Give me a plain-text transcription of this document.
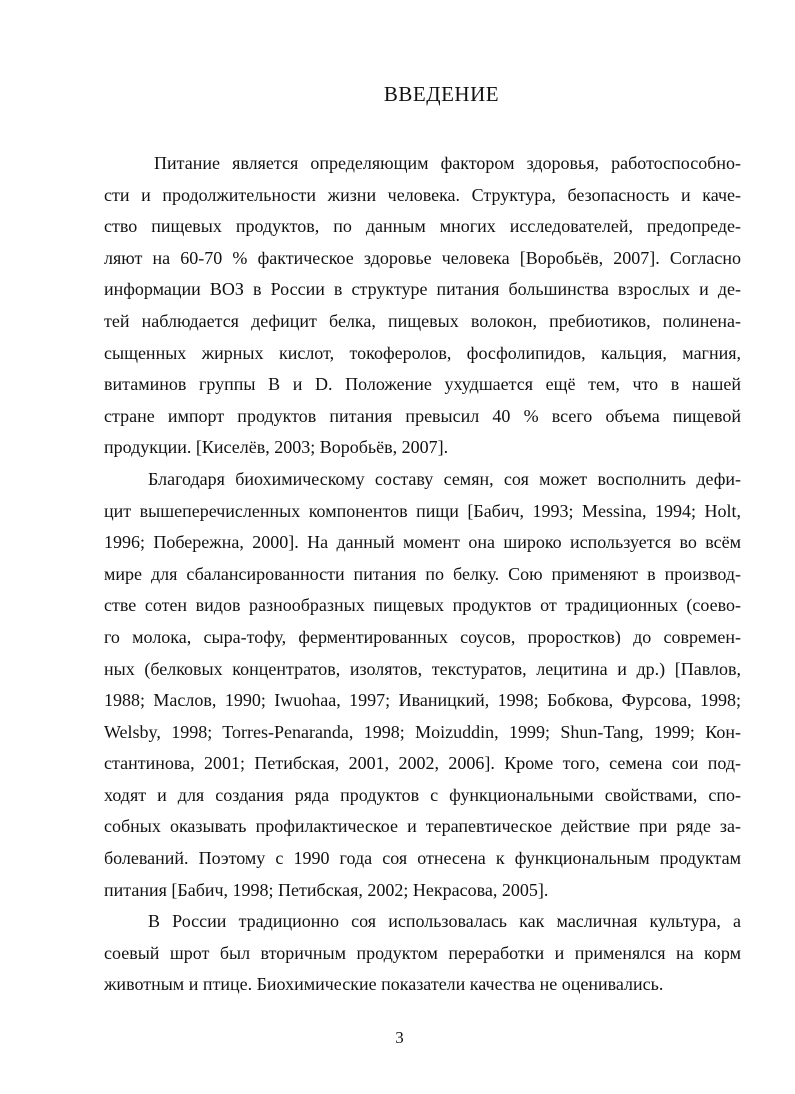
ВВЕДЕНИЕ
Питание является определяющим фактором здоровья, работоспособно-
сти и продолжительности жизни человека. Структура, безопасность и каче-
ство пищевых продуктов, по данным многих исследователей, предопреде-
ляют на 60-70 % фактическое здоровье человека [Воробьёв, 2007]. Согласно
информации ВОЗ в России в структуре питания большинства взрослых и де-
тей наблюдается дефицит белка, пищевых волокон, пребиотиков, полинена-
сыщенных жирных кислот, токоферолов, фосфолипидов, кальция, магния,
витаминов группы В и D. Положение ухудшается ещё тем, что в нашей
стране импорт продуктов питания превысил 40 % всего объема пищевой
продукции. [Киселёв, 2003; Воробьёв, 2007].
Благодаря биохимическому составу семян, соя может восполнить дефи-
цит вышеперечисленных компонентов пищи [Бабич, 1993; Messina, 1994; Holt,
1996; Побережна, 2000]. На данный момент она широко используется во всём
мире для сбалансированности питания по белку. Сою применяют в производ-
стве сотен видов разнообразных пищевых продуктов от традиционных (соево-
го молока, сыра-тофу, ферментированных соусов, проростков) до современ-
ных (белковых концентратов, изолятов, текстуратов, лецитина и др.) [Павлов,
1988; Маслов, 1990; Iwuohaa, 1997; Иваницкий, 1998; Бобкова, Фурсова, 1998;
Welsby, 1998; Torres-Penaranda, 1998; Moizuddin, 1999; Shun-Tang, 1999; Кон-
стантинова, 2001; Петибская, 2001, 2002, 2006]. Кроме того, семена сои под-
ходят и для создания ряда продуктов с функциональными свойствами, спо-
собных оказывать профилактическое и терапевтическое действие при ряде за-
болеваний. Поэтому с 1990 года соя отнесена к функциональным продуктам
питания [Бабич, 1998; Петибская, 2002; Некрасова, 2005].
В России традиционно соя использовалась как масличная культура, а
соевый шрот был вторичным продуктом переработки и применялся на корм
животным и птице. Биохимические показатели качества не оценивались.
3
